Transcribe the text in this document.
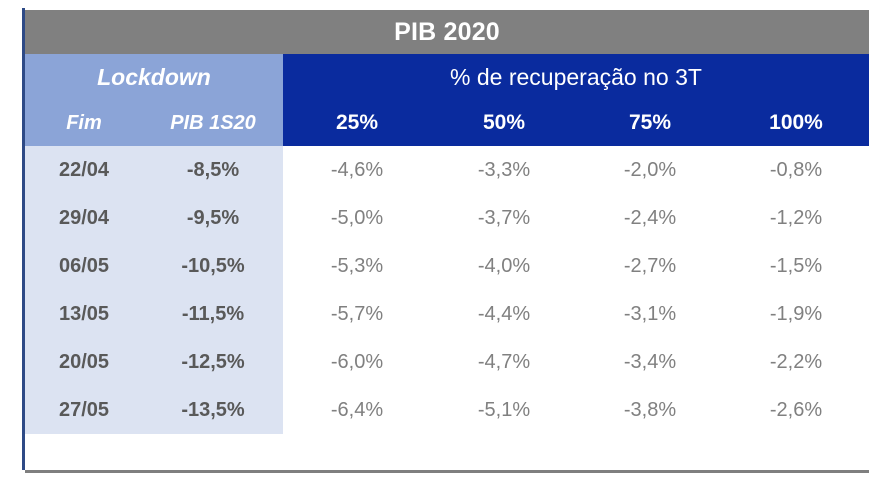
PIB 2020					
Lockdown		% de recuperação no 3T			
Fim	PIB 1S20	25%	50%	75%	100%
22/04	-8,5%	-4,6%	-3,3%	-2,0%	-0,8%
29/04	-9,5%	-5,0%	-3,7%	-2,4%	-1,2%
06/05	-10,5%	-5,3%	-4,0%	-2,7%	-1,5%
13/05	-11,5%	-5,7%	-4,4%	-3,1%	-1,9%
20/05	-12,5%	-6,0%	-4,7%	-3,4%	-2,2%
27/05	-13,5%	-6,4%	-5,1%	-3,8%	-2,6%
